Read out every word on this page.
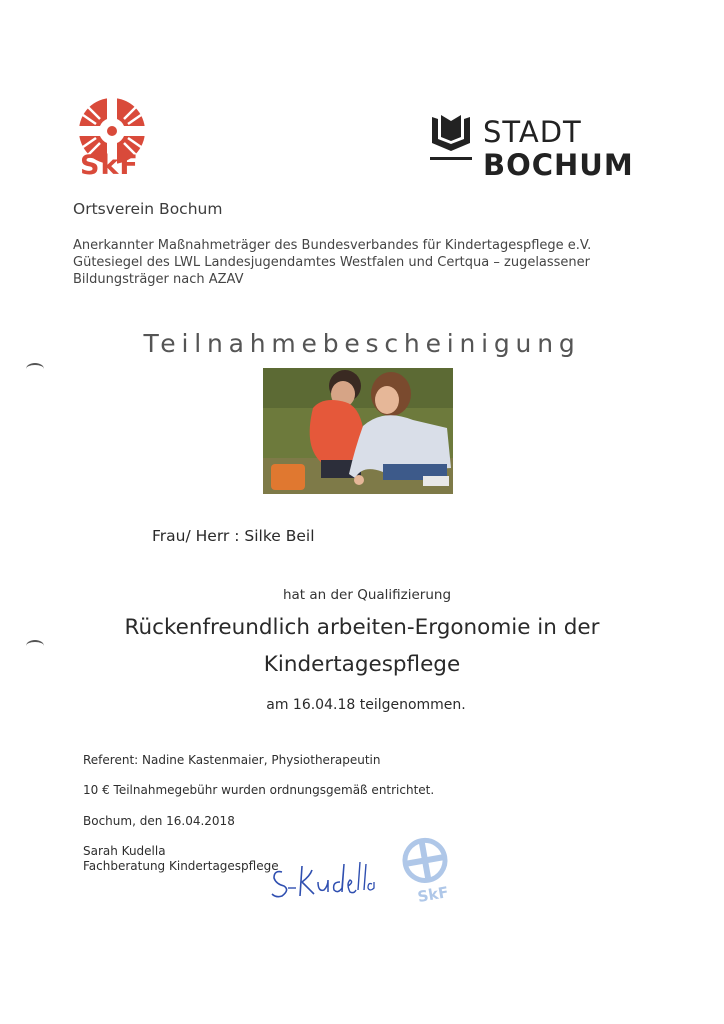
SkF
STADT
BOCHUM
Ortsverein Bochum
Anerkannter Maßnahmeträger des Bundesverbandes für Kindertagespflege e.V.
Gütesiegel des LWL Landesjugendamtes Westfalen und Certqua – zugelassener
Bildungsträger nach AZAV
Teilnahmebescheinigung
Frau/ Herr : Silke Beil
hat an der Qualifizierung
Rückenfreundlich arbeiten-Ergonomie in der
Kindertagespflege
am 16.04.18 teilgenommen.
Referent: Nadine Kastenmaier, Physiotherapeutin
10 € Teilnahmegebühr wurden ordnungsgemäß entrichtet.
Bochum, den 16.04.2018
Sarah Kudella
Fachberatung Kindertagespflege
SkF
